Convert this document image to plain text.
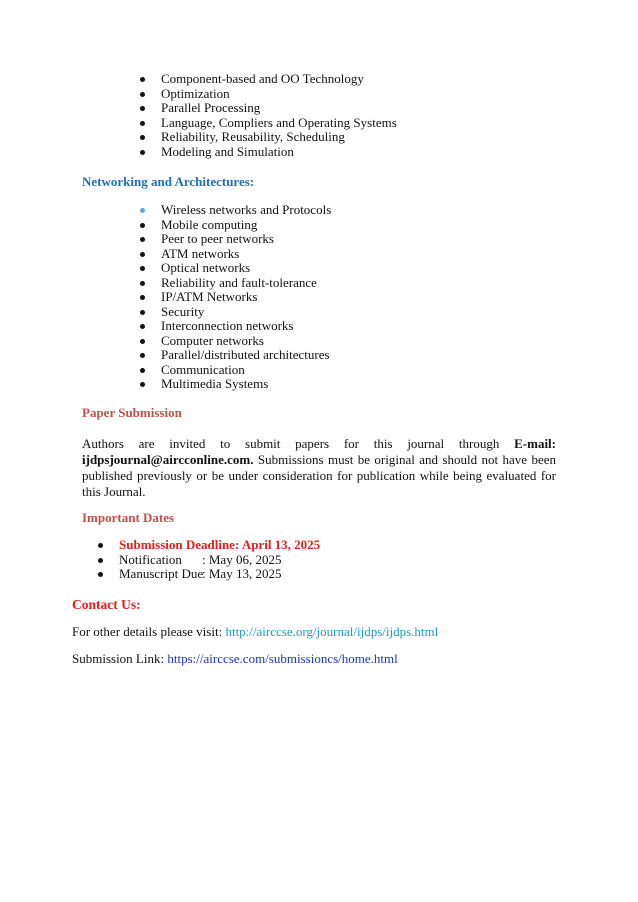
Component-based and OO Technology
Optimization
Parallel Processing
Language, Compliers and Operating Systems
Reliability, Reusability, Scheduling
Modeling and Simulation
Networking and Architectures:
Wireless networks and Protocols
Mobile computing
Peer to peer networks
ATM networks
Optical networks
Reliability and fault-tolerance
IP/ATM Networks
Security
Interconnection networks
Computer networks
Parallel/distributed architectures
Communication
Multimedia Systems
Paper Submission
Authors are invited to submit papers for this journal through E-mail: ijdpsjournal@aircconline.com. Submissions must be original and should not have been published previously or be under consideration for publication while being evaluated for this Journal.
Important Dates
Submission Deadline: April 13, 2025
Notification : May 06, 2025
Manuscript Due: May 13, 2025
Contact Us:
For other details please visit: http://airccse.org/journal/ijdps/ijdps.html
Submission Link: https://airccse.com/submissioncs/home.html
